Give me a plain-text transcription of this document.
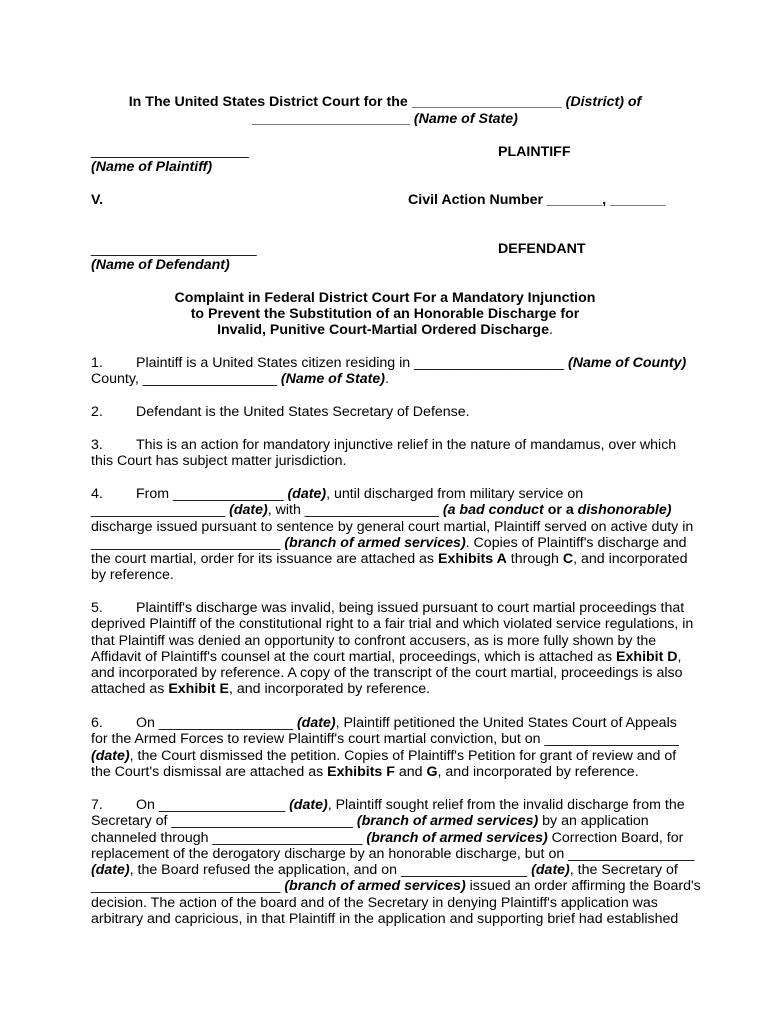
In The United States District Court for the ___________________ (District) of
____________________ (Name of State)
____________________
(Name of Plaintiff)
PLAINTIFF
V.	Civil Action Number _______, _______
_____________________
(Name of Defendant)
DEFENDANT
Complaint in Federal District Court For a Mandatory Injunction
to Prevent the Substitution of an Honorable Discharge for
Invalid, Punitive Court-Martial Ordered Discharge.
1. Plaintiff is a United States citizen residing in ___________________ (Name of County)
County, _________________ (Name of State).
2. Defendant is the United States Secretary of Defense.
3. This is an action for mandatory injunctive relief in the nature of mandamus, over which
this Court has subject matter jurisdiction.
4. From ______________ (date), until discharged from military service on
_________________ (date), with _________________ (a bad conduct or a dishonorable)
discharge issued pursuant to sentence by general court martial, Plaintiff served on active duty in
________________________ (branch of armed services). Copies of Plaintiff's discharge and
the court martial, order for its issuance are attached as Exhibits A through C, and incorporated
by reference.
5. Plaintiff's discharge was invalid, being issued pursuant to court martial proceedings that
deprived Plaintiff of the constitutional right to a fair trial and which violated service regulations, in
that Plaintiff was denied an opportunity to confront accusers, as is more fully shown by the
Affidavit of Plaintiff's counsel at the court martial, proceedings, which is attached as Exhibit D,
and incorporated by reference. A copy of the transcript of the court martial, proceedings is also
attached as Exhibit E, and incorporated by reference.
6. On _________________ (date), Plaintiff petitioned the United States Court of Appeals
for the Armed Forces to review Plaintiff's court martial conviction, but on _________________
(date), the Court dismissed the petition. Copies of Plaintiff's Petition for grant of review and of
the Court's dismissal are attached as Exhibits F and G, and incorporated by reference.
7. On ________________ (date), Plaintiff sought relief from the invalid discharge from the
Secretary of _______________________ (branch of armed services) by an application
channeled through ___________________ (branch of armed services) Correction Board, for
replacement of the derogatory discharge by an honorable discharge, but on ________________
(date), the Board refused the application, and on ________________ (date), the Secretary of
________________________ (branch of armed services) issued an order affirming the Board's
decision. The action of the board and of the Secretary in denying Plaintiff's application was
arbitrary and capricious, in that Plaintiff in the application and supporting brief had established
